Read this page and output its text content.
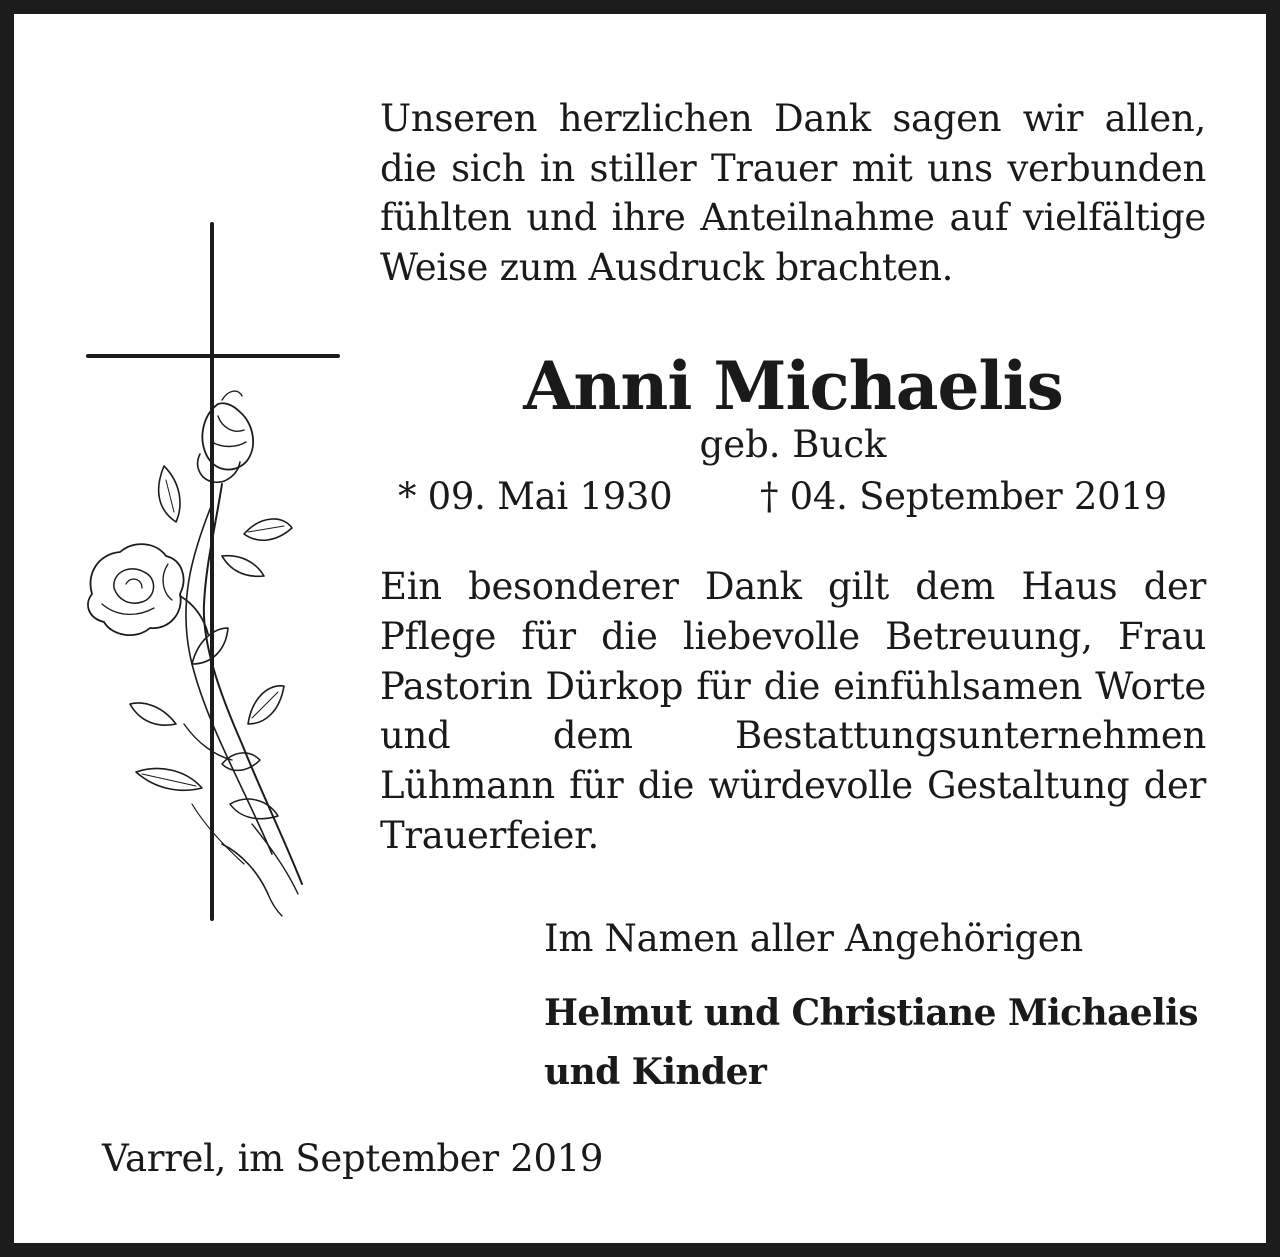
Unseren herzlichen Dank sagen wir allen, die sich in stiller Trauer mit uns verbunden fühlten und ihre Anteilnahme auf vielfältige Weise zum Ausdruck brachten.
Anni Michaelis
geb. Buck
* 09. Mai 1930 † 04. September 2019
Ein besonderer Dank gilt dem Haus der Pflege für die liebevolle Betreuung, Frau Pastorin Dürkop für die einfühlsamen Worte und dem Bestattungsunternehmen Lühmann für die würdevolle Gestaltung der Trauerfeier.
Im Namen aller Angehörigen
Helmut und Christiane Michaelis
und Kinder
Varrel, im September 2019
